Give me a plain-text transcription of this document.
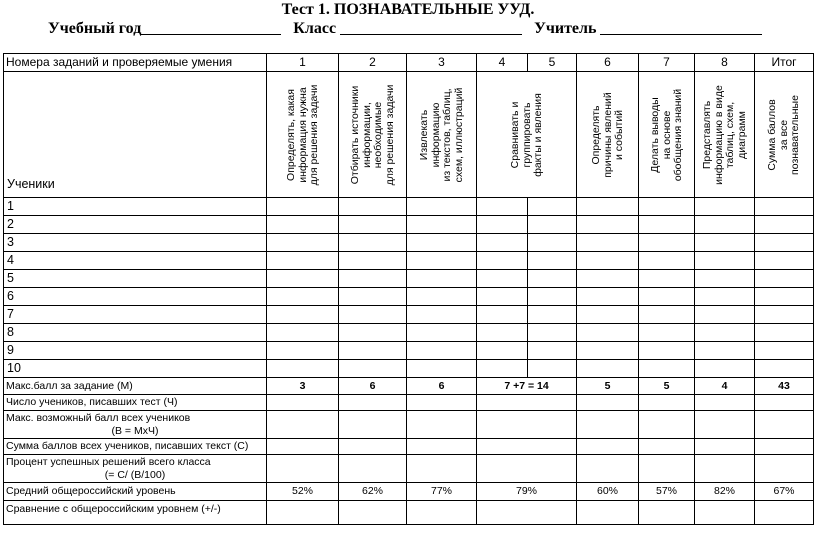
Тест 1. ПОЗНАВАТЕЛЬНЫЕ УУД.
Учебный год	Класс	Учитель
Номера заданий и проверяемые умения	1	2	3	4	5	6	7	8	Итог
Ученики	Определять, какая
информация нужна
для решения задачи	Отбирать источники
информации,
необходимые
для решения задачи	Извлекать
информацию
из текстов, таблиц,
схем, иллюстраций	Сравнивать и
группировать
факты и явления		Определять
причины явлений
и событий	Делать выводы
на основе
обобщения знаний	Представлять
информацию в виде
таблиц, схем,
диаграмм	Сумма баллов
за все
познавательные

1									
2									
3									
4									
5									
6									
7									
8									
9									
10									
Макс.балл за задание (М)	3	6	6	7 +7 = 14		5	5	4	43
Число учеников, писавших тест (Ч)									
Макс. возможный балл всех учеников

(В = МхЧ)									

Сумма баллов всех учеников, писавших текст (С)									
Процент успешных решений всего класса

(= С/ (В/100)									

Средний общероссийский уровень	52%	62%	77%	79%		60%	57%	82%	67%
Сравнение с общероссийским уровнем (+/-)									
